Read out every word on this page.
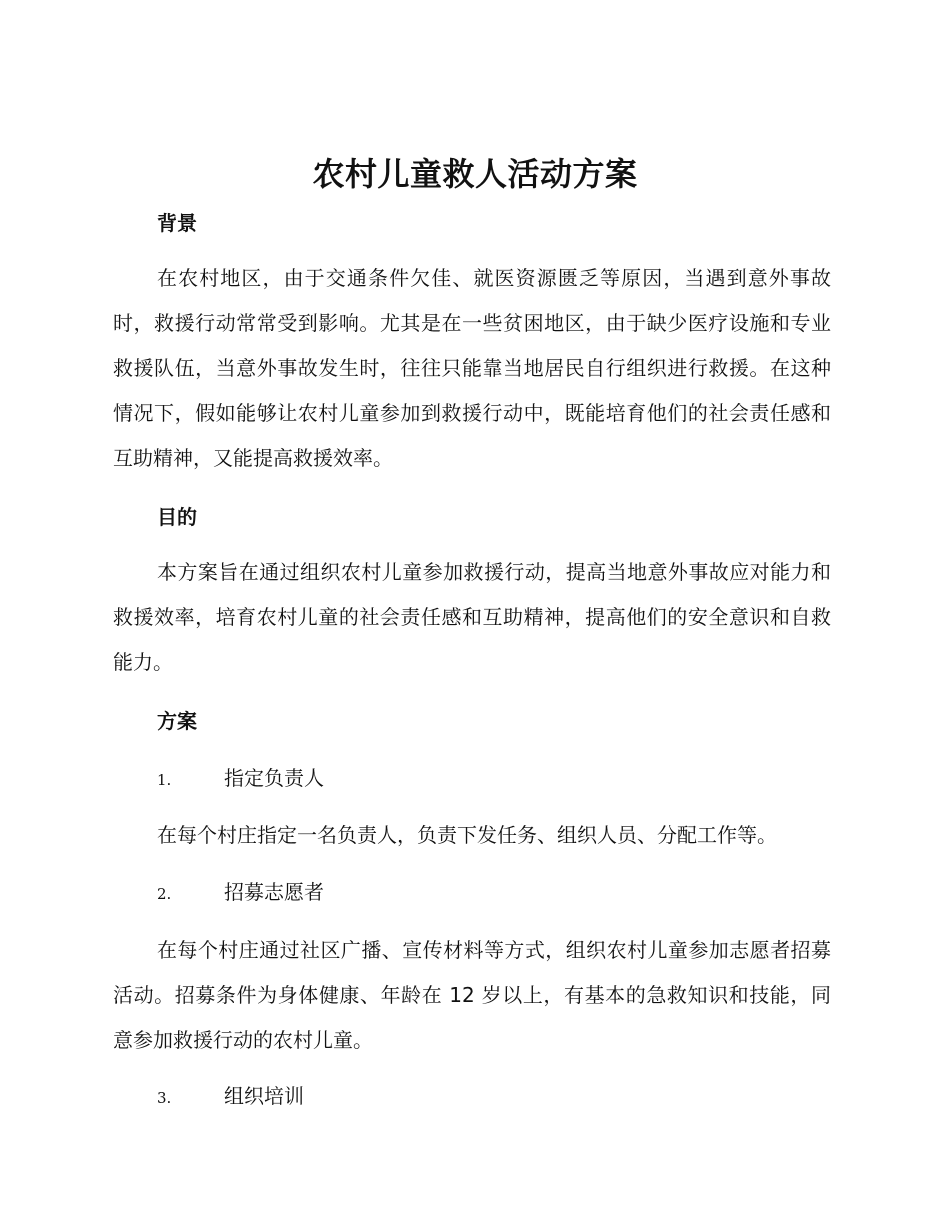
农村儿童救人活动方案
背景

在农村地区，由于交通条件欠佳、就医资源匮乏等原因，当遇到意外事故时，救援行动常常受到影响。尤其是在一些贫困地区，由于缺少医疗设施和专业救援队伍，当意外事故发生时，往往只能靠当地居民自行组织进行救援。在这种情况下，假如能够让农村儿童参加到救援行动中，既能培育他们的社会责任感和互助精神，又能提高救援效率。

目的

本方案旨在通过组织农村儿童参加救援行动，提高当地意外事故应对能力和救援效率，培育农村儿童的社会责任感和互助精神，提高他们的安全意识和自救能力。

方案
1.	指定负责人

在每个村庄指定一名负责人，负责下发任务、组织人员、分配工作等。

2.	招募志愿者

在每个村庄通过社区广播、宣传材料等方式，组织农村儿童参加志愿者招募活动。招募条件为身体健康、年龄在 12 岁以上，有基本的急救知识和技能，同意参加救援行动的农村儿童。

3.	组织培训
